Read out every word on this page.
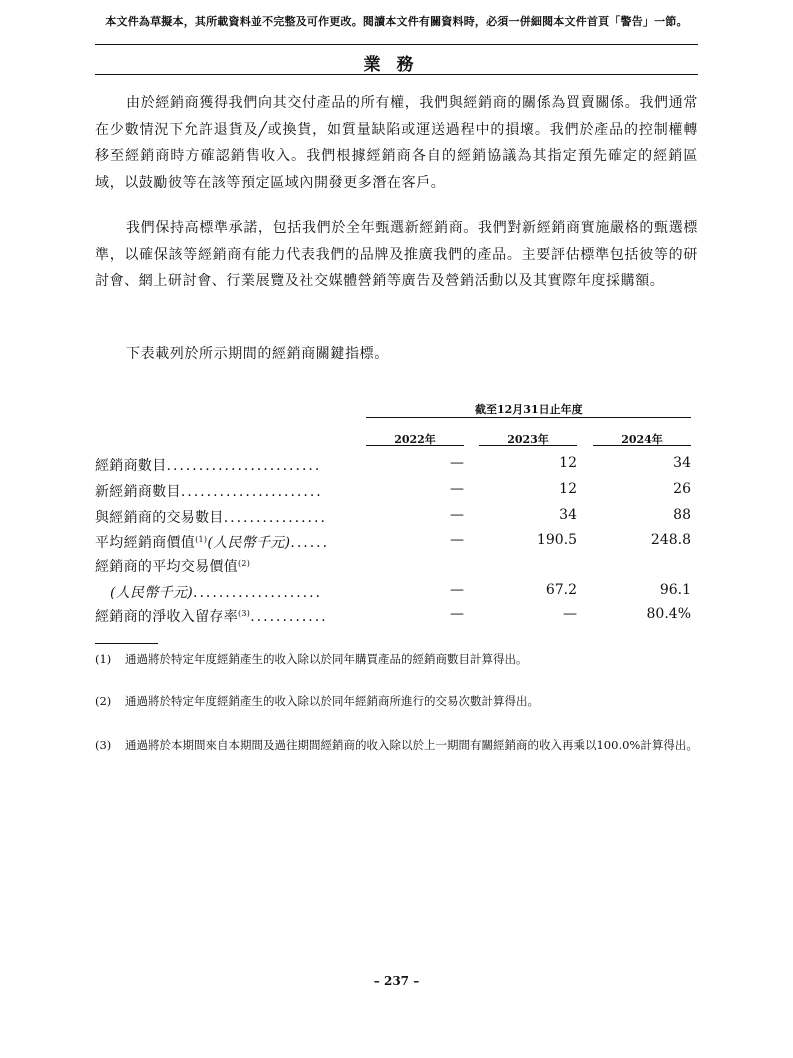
本文件為草擬本，其所載資料並不完整及可作更改。閱讀本文件有關資料時，必須一併細閱本文件首頁「警告」一節。
業務
由於經銷商獲得我們向其交付產品的所有權，我們與經銷商的關係為買賣關係。我們通常在少數情況下允許退貨及╱或換貨，如質量缺陷或運送過程中的損壞。我們於產品的控制權轉移至經銷商時方確認銷售收入。我們根據經銷商各自的經銷協議為其指定預先確定的經銷區域，以鼓勵彼等在該等預定區域內開發更多潛在客戶。
我們保持高標準承諾，包括我們於全年甄選新經銷商。我們對新經銷商實施嚴格的甄選標準，以確保該等經銷商有能力代表我們的品牌及推廣我們的產品。主要評估標準包括彼等的研討會、網上研討會、行業展覽及社交媒體營銷等廣告及營銷活動以及其實際年度採購額。
下表載列於所示期間的經銷商關鍵指標。
截至12月31日止年度
2022年	2023年	2024年
經銷商數目........................	—	12	34
新經銷商數目......................	—	12	26
與經銷商的交易數目................	—	34	88
平均經銷商價值$^{(1)}$(人民幣千元)......	—	190.5	248.8
經銷商的平均交易價值$^{(2)}$
(人民幣千元)....................	—	67.2	96.1
經銷商的淨收入留存率$^{(3)}$............	—	—	80.4%
(1)	通過將於特定年度經銷產生的收入除以於同年購買產品的經銷商數目計算得出。
(2)	通過將於特定年度經銷產生的收入除以於同年經銷商所進行的交易次數計算得出。
(3)	通過將於本期間來自本期間及過往期間經銷商的收入除以於上一期間有關經銷商的收入再乘以100.0%計算得出。
– 237 –
